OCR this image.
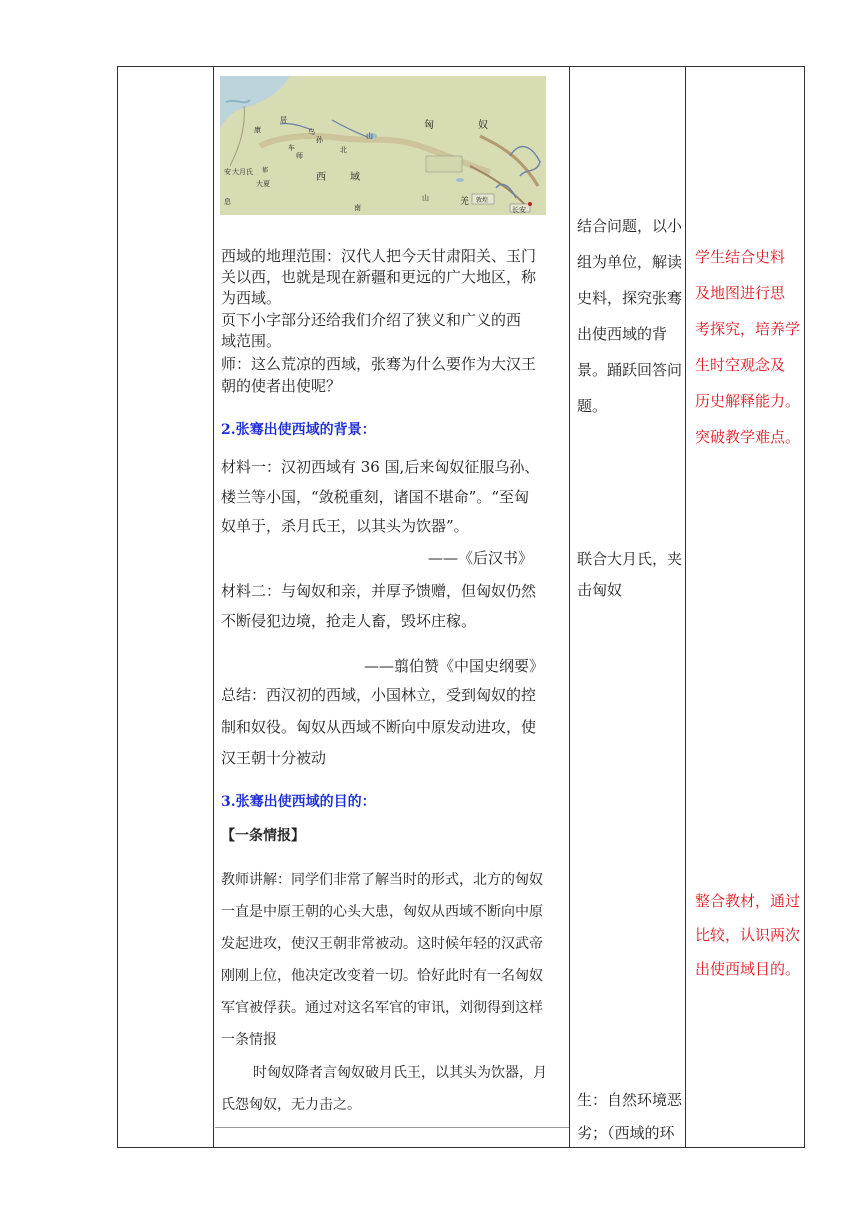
匈	奴
乌
孙
康
居
大月氏
大夏
西 域
北
山
南
山	羌
长安
安
息
车
师
郁
敦煌
西域的地理范围：汉代人把今天甘肃阳关、玉门
关以西，也就是现在新疆和更远的广大地区，称
为西域。
页下小字部分还给我们介绍了狭义和广义的西
域范围。
师：这么荒凉的西域，张骞为什么要作为大汉王
朝的使者出使呢？
2.张骞出使西域的背景：
材料一：汉初西域有 36 国,后来匈奴征服乌孙、
楼兰等小国，“敛税重刻，诸国不堪命”。“至匈
奴单于，杀月氏王，以其头为饮器”。
——《后汉书》
材料二：与匈奴和亲，并厚予馈赠，但匈奴仍然
不断侵犯边境，抢走人畜，毁坏庄稼。
——翦伯赞《中国史纲要》
总结：西汉初的西域，小国林立，受到匈奴的控
制和奴役。匈奴从西域不断向中原发动进攻，使
汉王朝十分被动
3.张骞出使西域的目的：
【一条情报】
教师讲解：同学们非常了解当时的形式，北方的匈奴
一直是中原王朝的心头大患，匈奴从西域不断向中原
发起进攻，使汉王朝非常被动。这时候年轻的汉武帝
刚刚上位，他决定改变着一切。恰好此时有一名匈奴
军官被俘获。通过对这名军官的审讯，刘彻得到这样
一条情报
时匈奴降者言匈奴破月氏王，以其头为饮器，月
氏怨匈奴，无力击之。
结合问题，以小
组为单位，解读
史料，探究张骞
出使西域的背
景。踊跃回答问
题。
联合大月氏，夹
击匈奴
生：自然环境恶
劣；（西域的环
学生结合史料
及地图进行思
考探究，培养学
生时空观念及
历史解释能力。
突破教学难点。
整合教材，通过
比较，认识两次
出使西域目的。
